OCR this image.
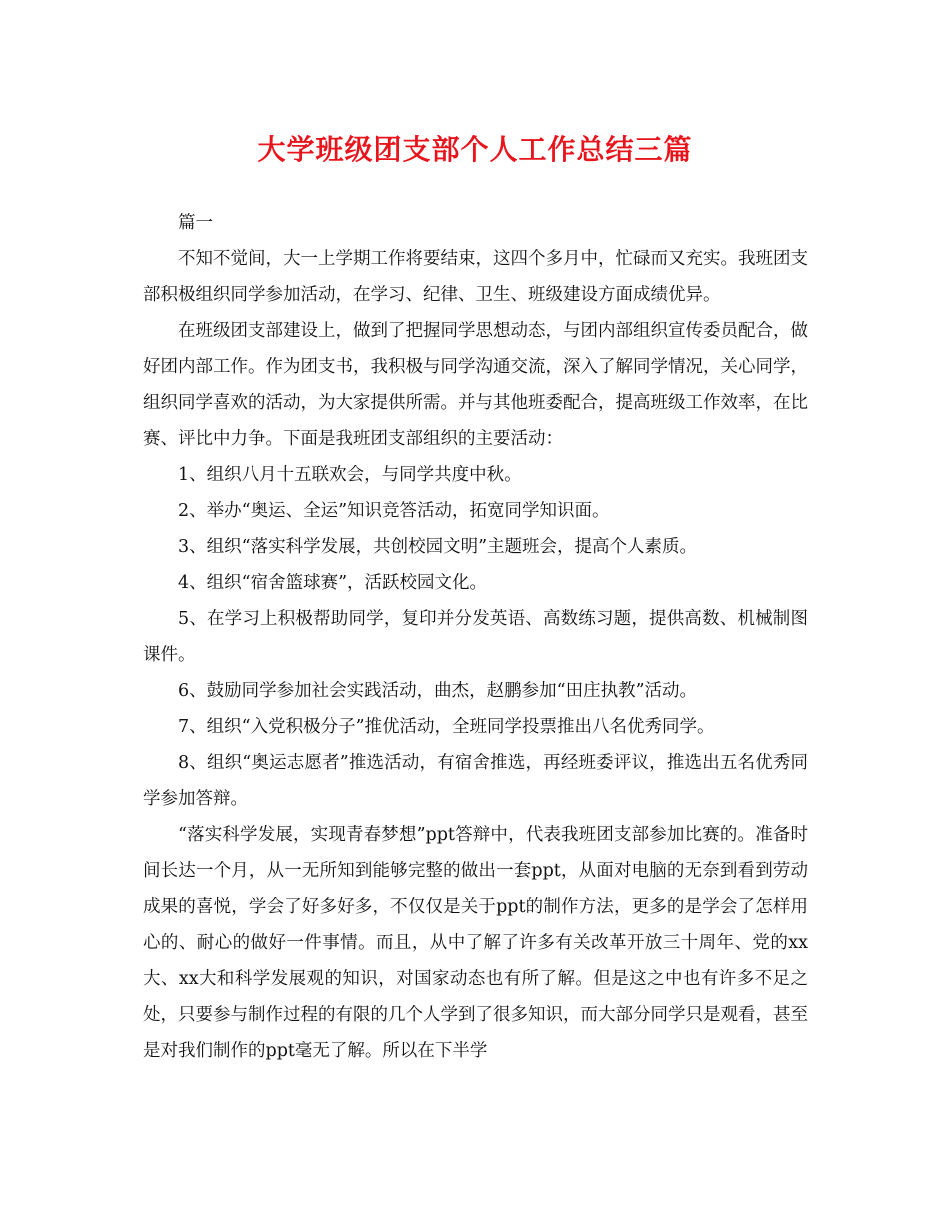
大学班级团支部个人工作总结三篇

篇一

不知不觉间，大一上学期工作将要结束，这四个多月中，忙碌而又充实。我班团支部积极组织同学参加活动，在学习、纪律、卫生、班级建设方面成绩优异。

在班级团支部建设上，做到了把握同学思想动态，与团内部组织宣传委员配合，做好团内部工作。作为团支书，我积极与同学沟通交流，深入了解同学情况，关心同学，组织同学喜欢的活动，为大家提供所需。并与其他班委配合，提高班级工作效率，在比赛、评比中力争。下面是我班团支部组织的主要活动：

1、组织八月十五联欢会，与同学共度中秋。

2、举办“奥运、全运”知识竞答活动，拓宽同学知识面。

3、组织“落实科学发展，共创校园文明”主题班会，提高个人素质。

4、组织“宿舍篮球赛”，活跃校园文化。

5、在学习上积极帮助同学，复印并分发英语、高数练习题，提供高数、机械制图课件。

6、鼓励同学参加社会实践活动，曲杰，赵鹏参加“田庄执教”活动。

7、组织“入党积极分子”推优活动，全班同学投票推出八名优秀同学。

8、组织“奥运志愿者”推选活动，有宿舍推选，再经班委评议，推选出五名优秀同学参加答辩。

“落实科学发展，实现青春梦想”ppt答辩中，代表我班团支部参加比赛的。准备时间长达一个月，从一无所知到能够完整的做出一套ppt，从面对电脑的无奈到看到劳动成果的喜悦，学会了好多好多，不仅仅是关于ppt的制作方法，更多的是学会了怎样用心的、耐心的做好一件事情。而且，从中了解了许多有关改革开放三十周年、党的xx大、xx大和科学发展观的知识，对国家动态也有所了解。但是这之中也有许多不足之处，只要参与制作过程的有限的几个人学到了很多知识，而大部分同学只是观看，甚至是对我们制作的ppt毫无了解。所以在下半学
